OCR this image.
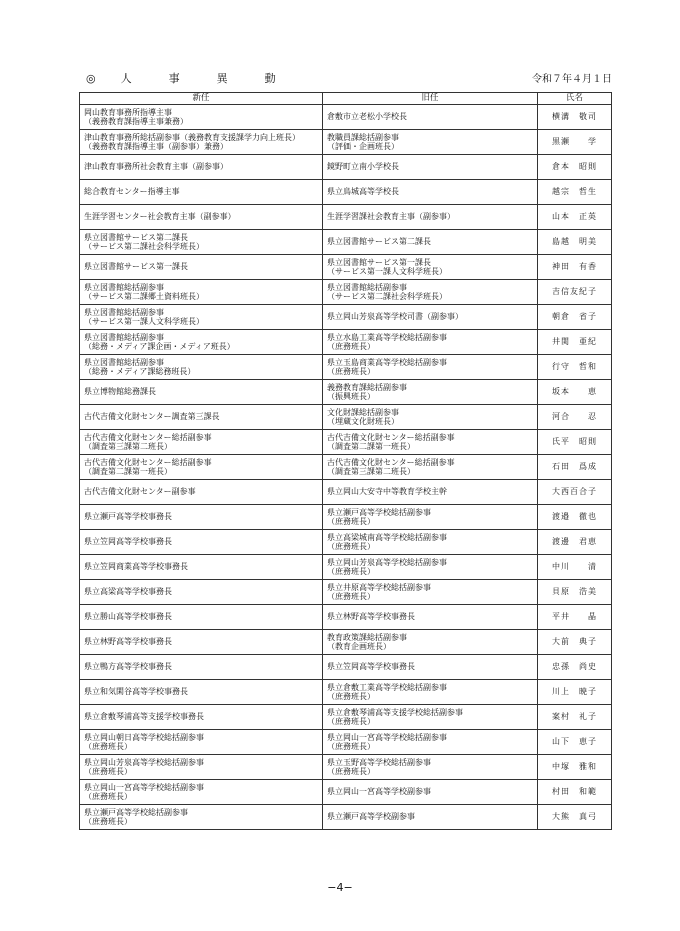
◎　　人　　　事　　　異　　　動	令和７年４月１日
新任	旧任	氏名

岡山教育事務所指導主事
（義務教育課指導主事兼務）	倉敷市立老松小学校長	横溝　敬司

津山教育事務所総括副参事（義務教育支援課学力向上班長）
（義務教育課指導主事（副参事）兼務）	教職員課総括副参事
（評価・企画班長）	黒瀬　　学

津山教育事務所社会教育主事（副参事）	鏡野町立南小学校長	倉本　昭則

総合教育センター指導主事	県立鳥城高等学校長	越宗　哲生

生涯学習センター社会教育主事（副参事）	生涯学習課社会教育主事（副参事）	山本　正英

県立図書館サービス第二課長
（サービス第二課社会科学班長）	県立図書館サービス第二課長	島越　明美

県立図書館サービス第一課長	県立図書館サービス第一課長
（サービス第一課人文科学班長）	神田　有香

県立図書館総括副参事
（サービス第二課郷土資料班長）	県立図書館総括副参事
（サービス第二課社会科学班長）	吉信友紀子

県立図書館総括副参事
（サービス第一課人文科学班長）	県立岡山芳泉高等学校司書（副参事）	朝倉　省子

県立図書館総括副参事
（総務・メディア課企画・メディア班長）	県立水島工業高等学校総括副参事
（庶務班長）	井関　亜紀

県立図書館総括副参事
（総務・メディア課総務班長）	県立玉島商業高等学校総括副参事
（庶務班長）	行守　哲和

県立博物館総務課長	義務教育課総括副参事
（振興班長）	坂本　　恵

古代吉備文化財センター調査第三課長	文化財課総括副参事
（埋蔵文化財班長）	河合　　忍

古代吉備文化財センター総括副参事
（調査第三課第二班長）	古代吉備文化財センター総括副参事
（調査第二課第一班長）	氏平　昭則

古代吉備文化財センター総括副参事
（調査第二課第一班長）	古代吉備文化財センター総括副参事
（調査第三課第二班長）	石田　爲成

古代吉備文化財センター副参事	県立岡山大安寺中等教育学校主幹	大西百合子

県立瀬戸高等学校事務長	県立瀬戸高等学校総括副参事
（庶務班長）	渡邉　徹也

県立笠岡高等学校事務長	県立高梁城南高等学校総括副参事
（庶務班長）	渡邊　君恵

県立笠岡商業高等学校事務長	県立岡山芳泉高等学校総括副参事
（庶務班長）	中川　　清

県立高梁高等学校事務長	県立井原高等学校総括副参事
（庶務班長）	貝原　浩美

県立勝山高等学校事務長	県立林野高等学校事務長	平井　　晶

県立林野高等学校事務長	教育政策課総括副参事
（教育企画班長）	大前　典子

県立鴨方高等学校事務長	県立笠岡高等学校事務長	忠孫　尚史

県立和気閑谷高等学校事務長	県立倉敷工業高等学校総括副参事
（庶務班長）	川上　暁子

県立倉敷琴浦高等支援学校事務長	県立倉敷琴浦高等支援学校総括副参事
（庶務班長）	案村　礼子

県立岡山朝日高等学校総括副参事
（庶務班長）	県立岡山一宮高等学校総括副参事
（庶務班長）	山下　恵子

県立岡山芳泉高等学校総括副参事
（庶務班長）	県立玉野高等学校総括副参事
（庶務班長）	中塚　雅和

県立岡山一宮高等学校総括副参事
（庶務班長）	県立岡山一宮高等学校副参事	村田　和範

県立瀬戸高等学校総括副参事
（庶務班長）	県立瀬戸高等学校副参事	大熊　真弓
−4−
